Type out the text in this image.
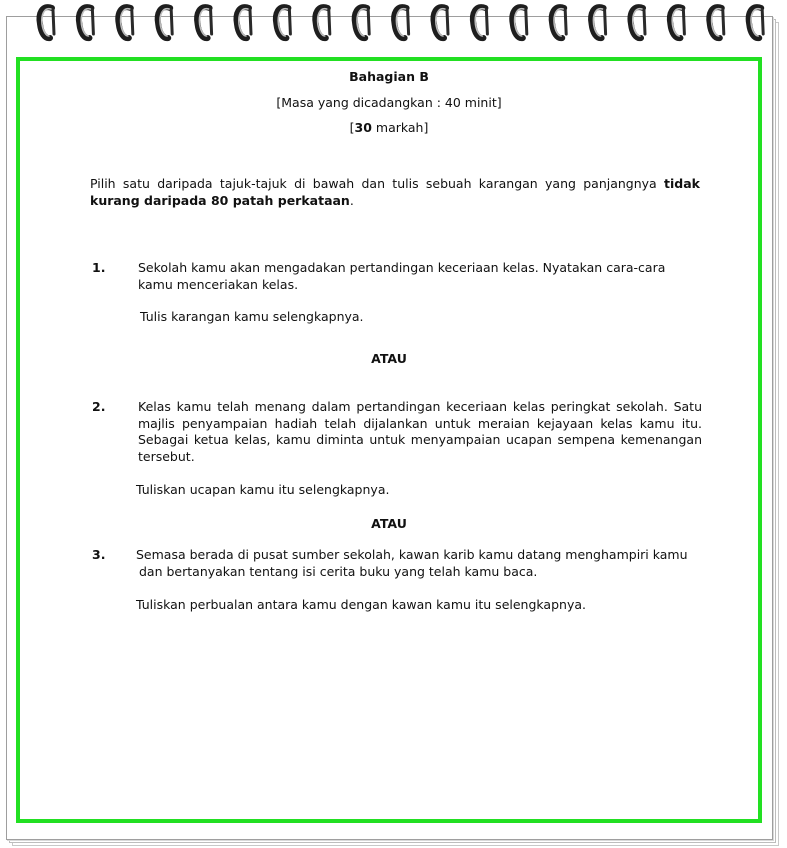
Bahagian B
[Masa yang dicadangkan : 40 minit]
[30 markah]
Pilih satu daripada tajuk-tajuk di bawah dan tulis sebuah karangan yang panjangnya tidak kurang daripada 80 patah perkataan.
1.	Sekolah kamu akan mengadakan pertandingan keceriaan kelas. Nyatakan cara-cara
kamu menceriakan kelas.
Tulis karangan kamu selengkapnya.
ATAU
2.	Kelas kamu telah menang dalam pertandingan keceriaan kelas peringkat sekolah. Satu majlis penyampaian hadiah telah dijalankan untuk meraian kejayaan kelas kamu itu. Sebagai ketua kelas, kamu diminta untuk menyampaian ucapan sempena kemenangan tersebut.
Tuliskan ucapan kamu itu selengkapnya.
ATAU
3. Semasa berada di pusat sumber sekolah, kawan karib kamu datang menghampiri kamu
dan bertanyakan tentang isi cerita buku yang telah kamu baca.
Tuliskan perbualan antara kamu dengan kawan kamu itu selengkapnya.
